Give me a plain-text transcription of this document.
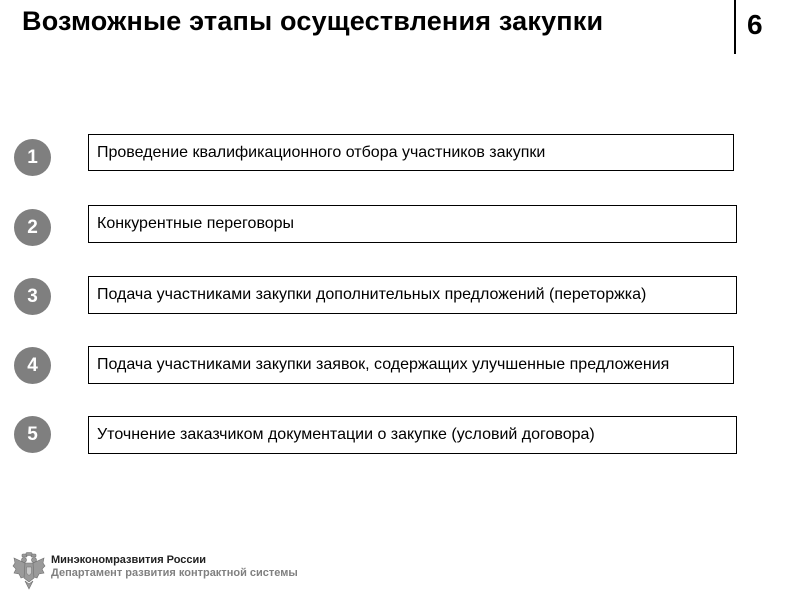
Возможные этапы осуществления закупки	6
1	Проведение квалификационного отбора участников закупки
2	Конкурентные переговоры
3	Подача участниками закупки дополнительных предложений (переторжка)
4	Подача участниками закупки заявок, содержащих улучшенные предложения
5	Уточнение заказчиком документации о закупке (условий договора)
Минэкономразвития России
Департамент развития контрактной системы
